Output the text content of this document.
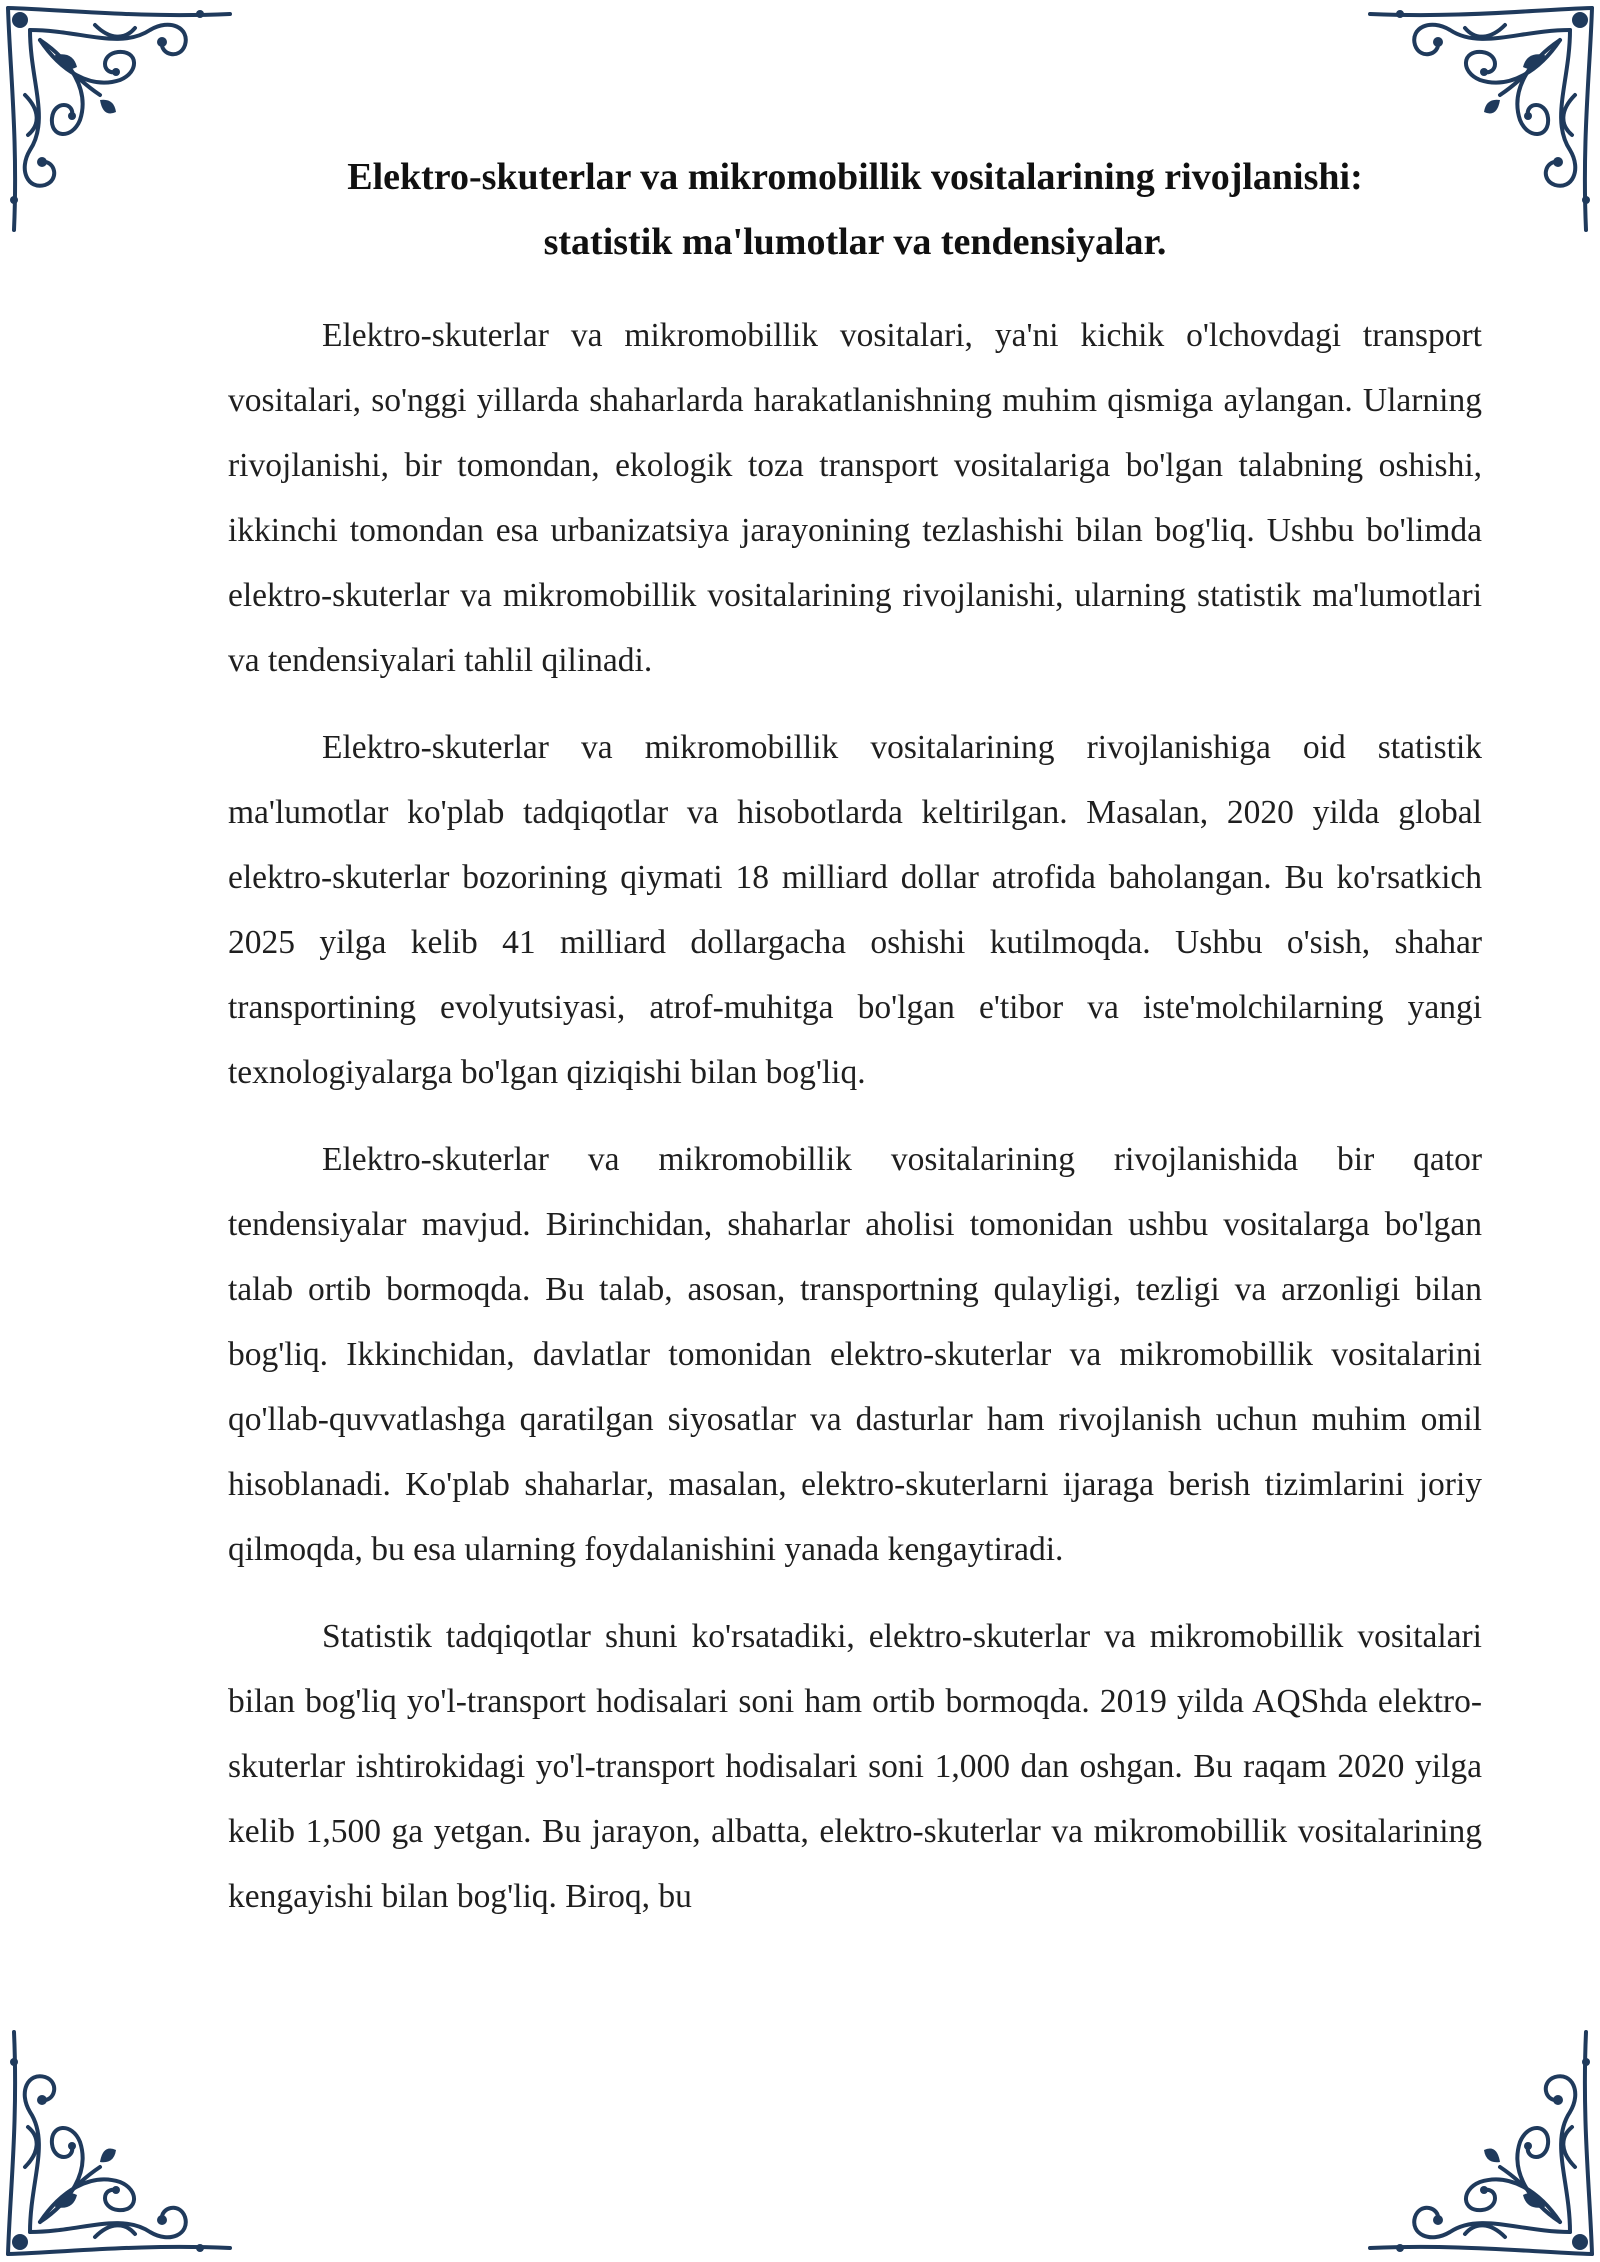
Elektro-skuterlar va mikromobillik vositalarining rivojlanishi:
statistik ma'lumotlar va tendensiyalar.

Elektro-skuterlar va mikromobillik vositalari, ya'ni kichik o'lchovdagi transport vositalari, so'nggi yillarda shaharlarda harakatlanishning muhim qismiga aylangan. Ularning rivojlanishi, bir tomondan, ekologik toza transport vositalariga bo'lgan talabning oshishi, ikkinchi tomondan esa urbanizatsiya jarayonining tezlashishi bilan bog'liq. Ushbu bo'limda elektro-skuterlar va mikromobillik vositalarining rivojlanishi, ularning statistik ma'lumotlari va tendensiyalari tahlil qilinadi.

Elektro-skuterlar va mikromobillik vositalarining rivojlanishiga oid statistik ma'lumotlar ko'plab tadqiqotlar va hisobotlarda keltirilgan. Masalan, 2020 yilda global elektro-skuterlar bozorining qiymati 18 milliard dollar atrofida baholangan. Bu ko'rsatkich 2025 yilga kelib 41 milliard dollargacha oshishi kutilmoqda. Ushbu o'sish, shahar transportining evolyutsiyasi, atrof-muhitga bo'lgan e'tibor va iste'molchilarning yangi texnologiyalarga bo'lgan qiziqishi bilan bog'liq.

Elektro-skuterlar va mikromobillik vositalarining rivojlanishida bir qator tendensiyalar mavjud. Birinchidan, shaharlar aholisi tomonidan ushbu vositalarga bo'lgan talab ortib bormoqda. Bu talab, asosan, transportning qulayligi, tezligi va arzonligi bilan bog'liq. Ikkinchidan, davlatlar tomonidan elektro-skuterlar va mikromobillik vositalarini qo'llab-quvvatlashga qaratilgan siyosatlar va dasturlar ham rivojlanish uchun muhim omil hisoblanadi. Ko'plab shaharlar, masalan, elektro-skuterlarni ijaraga berish tizimlarini joriy qilmoqda, bu esa ularning foydalanishini yanada kengaytiradi.

Statistik tadqiqotlar shuni ko'rsatadiki, elektro-skuterlar va mikromobillik vositalari bilan bog'liq yo'l-transport hodisalari soni ham ortib bormoqda. 2019 yilda AQShda elektro-skuterlar ishtirokidagi yo'l-transport hodisalari soni 1,000 dan oshgan. Bu raqam 2020 yilga kelib 1,500 ga yetgan. Bu jarayon, albatta, elektro-skuterlar va mikromobillik vositalarining kengayishi bilan bog'liq. Biroq, bu
